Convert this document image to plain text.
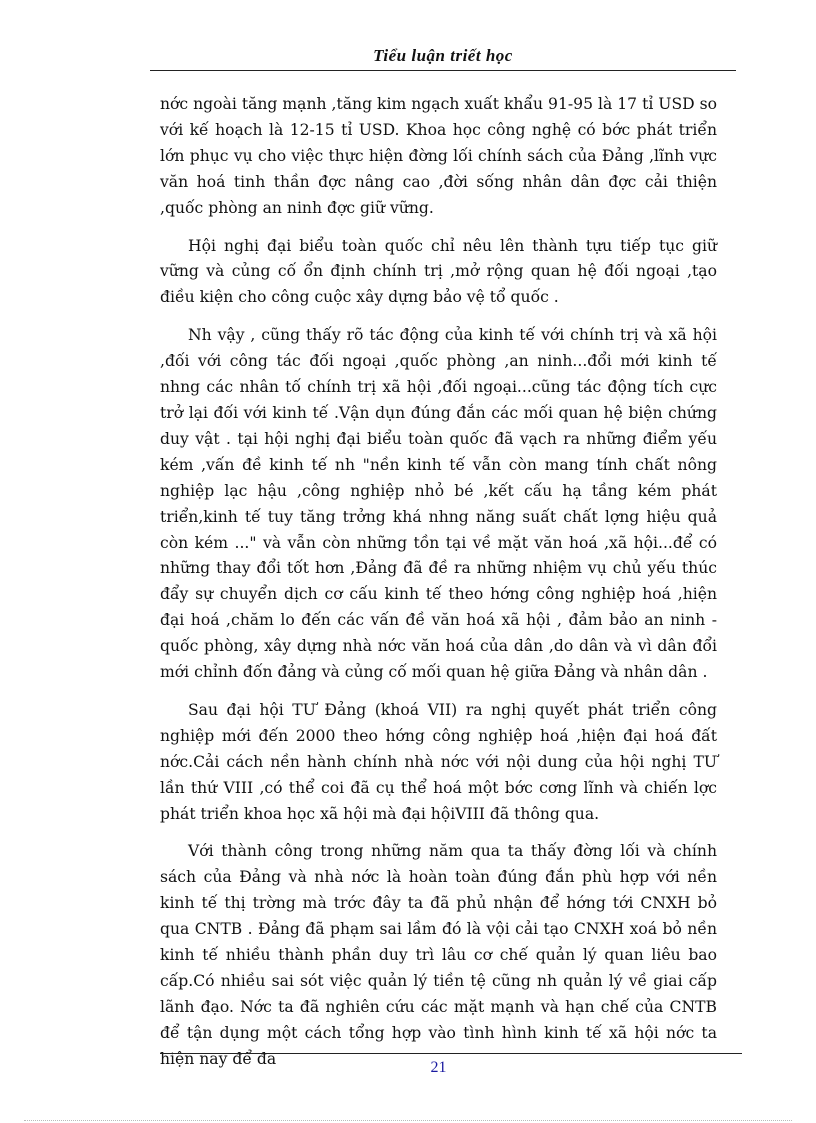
Tiểu luận triết học

nớc ngoài tăng mạnh ,tăng kim ngạch xuất khẩu 91-95 là 17 tỉ USD so với kế hoạch là 12-15 tỉ USD. Khoa học công nghệ có bớc phát triển lớn phục vụ cho việc thực hiện đờng lối chính sách của Đảng ,lĩnh vực văn hoá tinh thần đợc nâng cao ,đời sống nhân dân đợc cải thiện ,quốc phòng an ninh đợc giữ vững.

Hội nghị đại biểu toàn quốc chỉ nêu lên thành tựu tiếp tục giữ vững và củng cố ổn định chính trị ,mở rộng quan hệ đối ngoại ,tạo điều kiện cho công cuộc xây dựng bảo vệ tổ quốc .

Nh vậy , cũng thấy rõ tác động của kinh tế với chính trị và xã hội ,đối với công tác đối ngoại ,quốc phòng ,an ninh...đổi mới kinh tế nhng các nhân tố chính trị xã hội ,đối ngoại...cũng tác động tích cực trở lại đối với kinh tế .Vận dụn đúng đắn các mối quan hệ biện chứng duy vật . tại hội nghị đại biểu toàn quốc đã vạch ra những điểm yếu kém ,vấn đề kinh tế nh "nền kinh tế vẫn còn mang tính chất nông nghiệp lạc hậu ,công nghiệp nhỏ bé ,kết cấu hạ tầng kém phát triển,kinh tế tuy tăng trởng khá nhng năng suất chất lợng hiệu quả còn kém ..." và vẫn còn những tồn tại về mặt văn hoá ,xã hội...để có những thay đổi tốt hơn ,Đảng đã đề ra những nhiệm vụ chủ yếu thúc đẩy sự chuyển dịch cơ cấu kinh tế theo hớng công nghiệp hoá ,hiện đại hoá ,chăm lo đến các vấn đề văn hoá xã hội , đảm bảo an ninh -quốc phòng, xây dựng nhà nớc văn hoá của dân ,do dân và vì dân đổi mới chỉnh đốn đảng và củng cố mối quan hệ giữa Đảng và nhân dân .

Sau đại hội TƯ Đảng (khoá VII) ra nghị quyết phát triển công nghiệp mới đến 2000 theo hớng công nghiệp hoá ,hiện đại hoá đất nớc.Cải cách nền hành chính nhà nớc với nội dung của hội nghị TƯ lần thứ VIII ,có thể coi đã cụ thể hoá một bớc cơng lĩnh và chiến lợc phát triển khoa học xã hội mà đại hộiVIII đã thông qua.

Với thành công trong những năm qua ta thấy đờng lối và chính sách của Đảng và nhà nớc là hoàn toàn đúng đắn phù hợp với nền kinh tế thị trờng mà trớc đây ta đã phủ nhận để hớng tới CNXH bỏ qua CNTB . Đảng đã phạm sai lầm đó là vội cải tạo CNXH xoá bỏ nền kinh tế nhiều thành phần duy trì lâu cơ chế quản lý quan liêu bao cấp.Có nhiều sai sót việc quản lý tiền tệ cũng nh quản lý về giai cấp lãnh đạo. Nớc ta đã nghiên cứu các mặt mạnh và hạn chế của CNTB để tận dụng một cách tổng hợp vào tình hình kinh tế xã hội nớc ta hiện nay để đa	21
